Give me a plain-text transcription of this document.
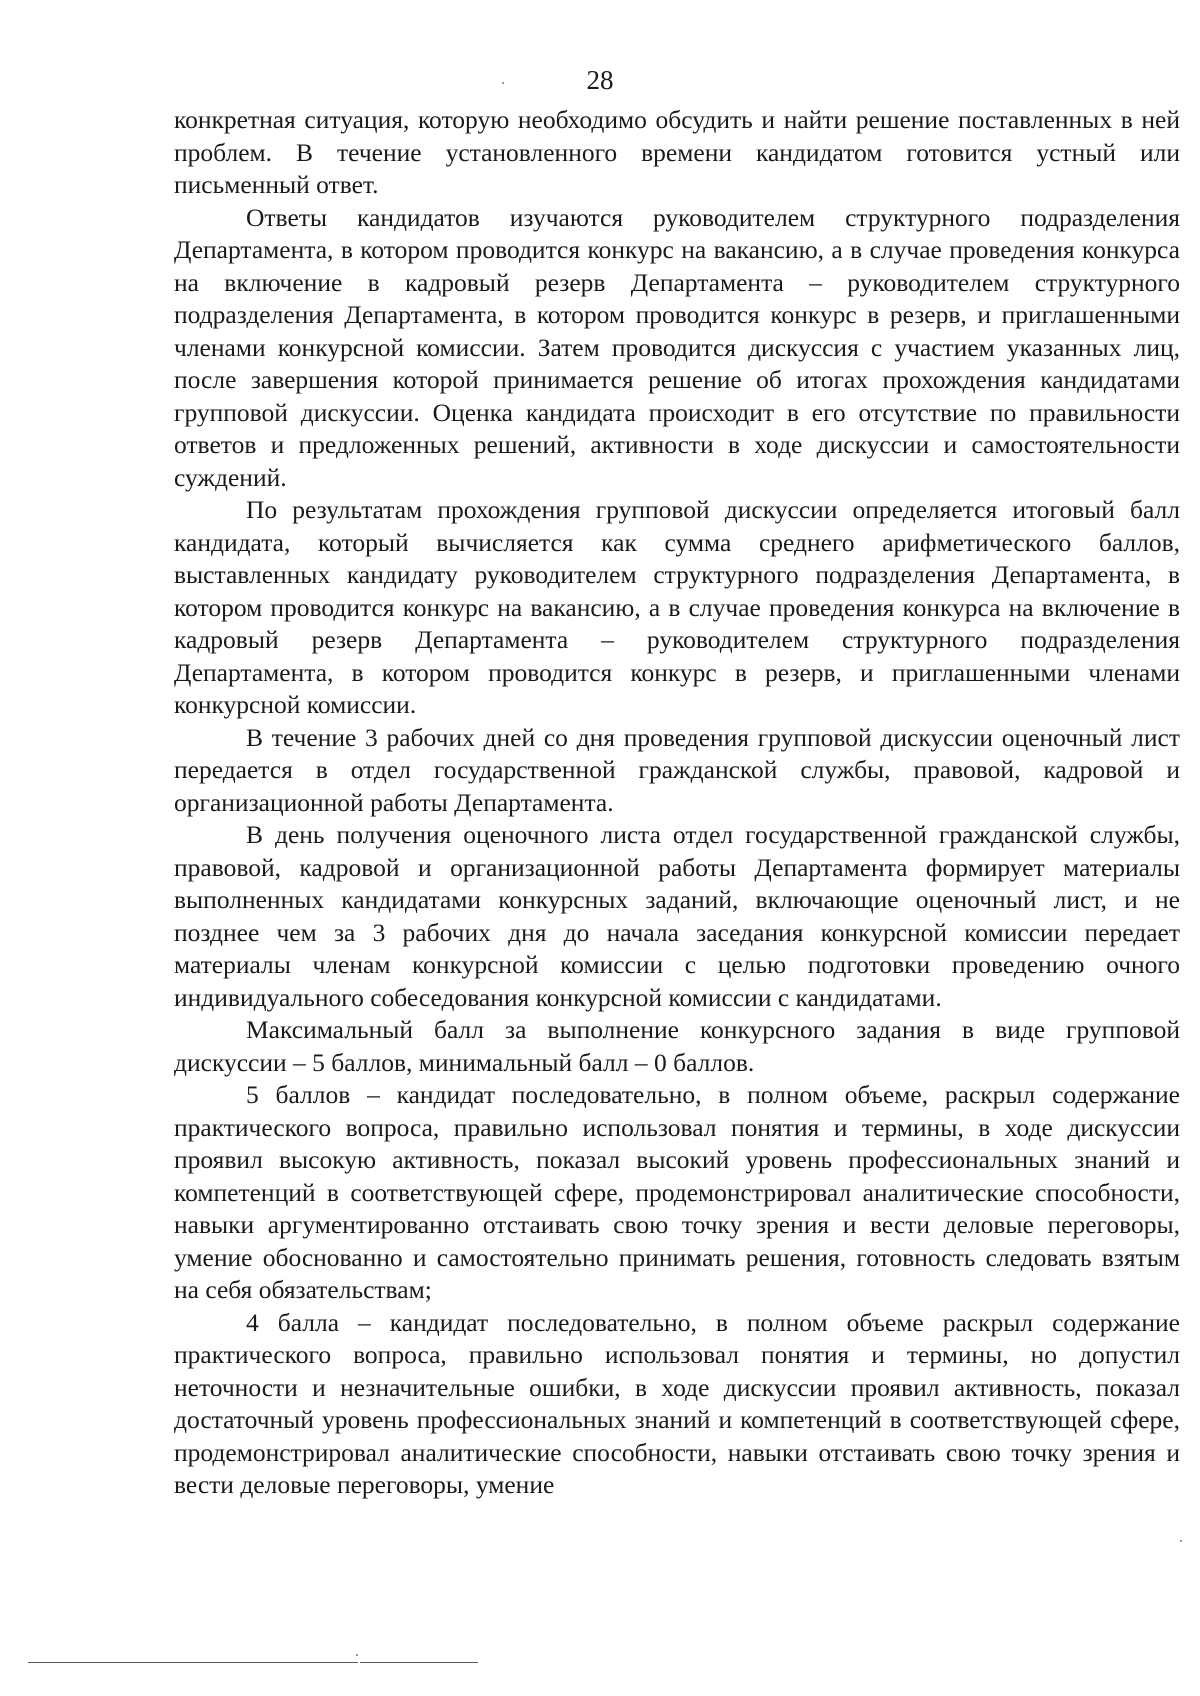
28

конкретная ситуация, которую необходимо обсудить и найти решение поставленных в ней проблем. В течение установленного времени кандидатом готовится устный или письменный ответ.

Ответы кандидатов изучаются руководителем структурного подразделения Департамента, в котором проводится конкурс на вакансию, а в случае проведения конкурса на включение в кадровый резерв Департамента – руководителем структурного подразделения Департамента, в котором проводится конкурс в резерв, и приглашенными членами конкурсной комиссии. Затем проводится дискуссия с участием указанных лиц, после завершения которой принимается решение об итогах прохождения кандидатами групповой дискуссии. Оценка кандидата происходит в его отсутствие по правильности ответов и предложенных решений, активности в ходе дискуссии и самостоятельности суждений.

По результатам прохождения групповой дискуссии определяется итоговый балл кандидата, который вычисляется как сумма среднего арифметического баллов, выставленных кандидату руководителем структурного подразделения Департамента, в котором проводится конкурс на вакансию, а в случае проведения конкурса на включение в кадровый резерв Департамента – руководителем структурного подразделения Департамента, в котором проводится конкурс в резерв, и приглашенными членами конкурсной комиссии.

В течение 3 рабочих дней со дня проведения групповой дискуссии оценочный лист передается в отдел государственной гражданской службы, правовой, кадровой и организационной работы Департамента.

В день получения оценочного листа отдел государственной гражданской службы, правовой, кадровой и организационной работы Департамента формирует материалы выполненных кандидатами конкурсных заданий, включающие оценочный лист, и не позднее чем за 3 рабочих дня до начала заседания конкурсной комиссии передает материалы членам конкурсной комиссии с целью подготовки проведению очного индивидуального собеседования конкурсной комиссии с кандидатами.

Максимальный балл за выполнение конкурсного задания в виде групповой дискуссии – 5 баллов, минимальный балл – 0 баллов.

5 баллов – кандидат последовательно, в полном объеме, раскрыл содержание практического вопроса, правильно использовал понятия и термины, в ходе дискуссии проявил высокую активность, показал высокий уровень профессиональных знаний и компетенций в соответствующей сфере, продемонстрировал аналитические способности, навыки аргументированно отстаивать свою точку зрения и вести деловые переговоры, умение обоснованно и самостоятельно принимать решения, готовность следовать взятым на себя обязательствам;

4 балла – кандидат последовательно, в полном объеме раскрыл содержание практического вопроса, правильно использовал понятия и термины, но допустил неточности и незначительные ошибки, в ходе дискуссии проявил активность, показал достаточный уровень профессиональных знаний и компетенций в соответствующей сфере, продемонстрировал аналитические способности, навыки отстаивать свою точку зрения и вести деловые переговоры, умение
